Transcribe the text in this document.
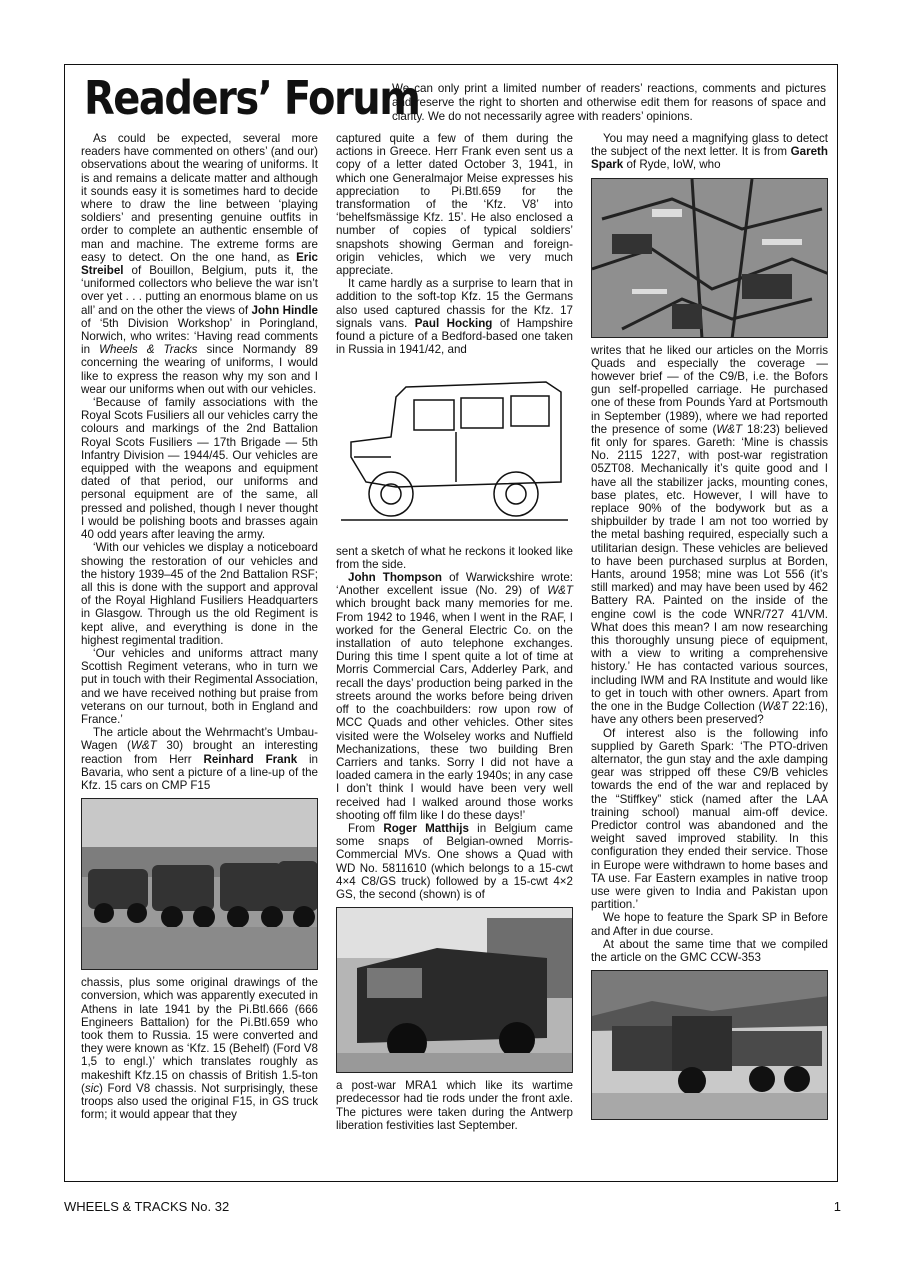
Readers’ Forum
We can only print a limited number of readers’ reactions, comments and pictures and reserve the right to shorten and otherwise edit them for reasons of space and clarity. We do not necessarily agree with readers’ opinions.

As could be expected, several more readers have commented on others’ (and our) observations about the wearing of uniforms. It is and remains a delicate matter and although it sounds easy it is sometimes hard to decide where to draw the line between ‘playing soldiers’ and presenting genuine outfits in order to complete an authentic ensemble of man and machine. The extreme forms are easy to detect. On the one hand, as Eric Streibel of Bouillon, Belgium, puts it, the ‘uniformed collectors who believe the war isn’t over yet . . . putting an enormous blame on us all’ and on the other the views of John Hindle of ‘5th Division Workshop’ in Poringland, Norwich, who writes: ‘Having read comments in Wheels & Tracks since Normandy 89 concerning the wearing of uniforms, I would like to express the reason why my son and I wear our uniforms when out with our vehicles.

‘Because of family associations with the Royal Scots Fusiliers all our vehicles carry the colours and markings of the 2nd Battalion Royal Scots Fusiliers — 17th Brigade — 5th Infantry Division — 1944/45. Our vehicles are equipped with the weapons and equipment dated of that period, our uniforms and personal equipment are of the same, all pressed and polished, though I never thought I would be polishing boots and brasses again 40 odd years after leaving the army.

‘With our vehicles we display a noticeboard showing the restoration of our vehicles and the history 1939–45 of the 2nd Battalion RSF; all this is done with the support and approval of the Royal Highland Fusiliers Headquarters in Glasgow. Through us the old Regiment is kept alive, and everything is done in the highest regimental tradition.

‘Our vehicles and uniforms attract many Scottish Regiment veterans, who in turn we put in touch with their Regimental Association, and we have received nothing but praise from veterans on our turnout, both in England and France.’

The article about the Wehrmacht’s Umbau-Wagen (W&T 30) brought an interesting reaction from Herr Reinhard Frank in Bavaria, who sent a picture of a line-up of the Kfz. 15 cars on CMP F15

chassis, plus some original drawings of the conversion, which was apparently executed in Athens in late 1941 by the Pi.Btl.666 (666 Engineers Battalion) for the Pi.Btl.659 who took them to Russia. 15 were converted and they were known as ‘Kfz. 15 (Behelf) (Ford V8 1,5 to engl.)’ which translates roughly as makeshift Kfz.15 on chassis of British 1.5-ton (sic) Ford V8 chassis. Not surprisingly, these troops also used the original F15, in GS truck form; it would appear that they

captured quite a few of them during the actions in Greece. Herr Frank even sent us a copy of a letter dated October 3, 1941, in which one Generalmajor Meise expresses his appreciation to Pi.Btl.659 for the transformation of the ‘Kfz. V8’ into ‘behelfsmässige Kfz. 15’. He also enclosed a number of copies of typical soldiers’ snapshots showing German and foreign-origin vehicles, which we very much appreciate.

It came hardly as a surprise to learn that in addition to the soft-top Kfz. 15 the Germans also used captured chassis for the Kfz. 17 signals vans. Paul Hocking of Hampshire found a picture of a Bedford-based one taken in Russia in 1941/42, and

sent a sketch of what he reckons it looked like from the side.

John Thompson of Warwickshire wrote: ‘Another excellent issue (No. 29) of W&T which brought back many memories for me. From 1942 to 1946, when I went in the RAF, I worked for the General Electric Co. on the installation of auto telephone exchanges. During this time I spent quite a lot of time at Morris Commercial Cars, Adderley Park, and recall the days’ production being parked in the streets around the works before being driven off to the coachbuilders: row upon row of MCC Quads and other vehicles. Other sites visited were the Wolseley works and Nuffield Mechanizations, these two building Bren Carriers and tanks. Sorry I did not have a loaded camera in the early 1940s; in any case I don’t think I would have been very well received had I walked around those works shooting off film like I do these days!’

From Roger Matthijs in Belgium came some snaps of Belgian-owned Morris-Commercial MVs. One shows a Quad with WD No. 5811610 (which belongs to a 15-cwt 4×4 C8/GS truck) followed by a 15-cwt 4×2 GS, the second (shown) is of

a post-war MRA1 which like its wartime predecessor had tie rods under the front axle. The pictures were taken during the Antwerp liberation festivities last September.

You may need a magnifying glass to detect the subject of the next letter. It is from Gareth Spark of Ryde, IoW, who

writes that he liked our articles on the Morris Quads and especially the coverage — however brief — of the C9/B, i.e. the Bofors gun self-propelled carriage. He purchased one of these from Pounds Yard at Portsmouth in September (1989), where we had reported the presence of some (W&T 18:23) believed fit only for spares. Gareth: ‘Mine is chassis No. 2115 1227, with post-war registration 05ZT08. Mechanically it’s quite good and I have all the stabilizer jacks, mounting cones, base plates, etc. However, I will have to replace 90% of the bodywork but as a shipbuilder by trade I am not too worried by the metal bashing required, especially such a utilitarian design. These vehicles are believed to have been purchased surplus at Borden, Hants, around 1958; mine was Lot 556 (it’s still marked) and may have been used by 462 Battery RA. Painted on the inside of the engine cowl is the code WNR/727 41/VM. What does this mean? I am now researching this thoroughly unsung piece of equipment, with a view to writing a comprehensive history.’ He has contacted various sources, including IWM and RA Institute and would like to get in touch with other owners. Apart from the one in the Budge Collection (W&T 22:16), have any others been preserved?

Of interest also is the following info supplied by Gareth Spark: ‘The PTO-driven alternator, the gun stay and the axle damping gear was stripped off these C9/B vehicles towards the end of the war and replaced by the “Stiffkey” stick (named after the LAA training school) manual aim-off device. Predictor control was abandoned and the weight saved improved stability. In this configuration they ended their service. Those in Europe were withdrawn to home bases and TA use. Far Eastern examples in native troop use were given to India and Pakistan upon partition.’

We hope to feature the Spark SP in Before and After in due course.

At about the same time that we compiled the article on the GMC CCW-353

WHEELS & TRACKS No. 32	1
